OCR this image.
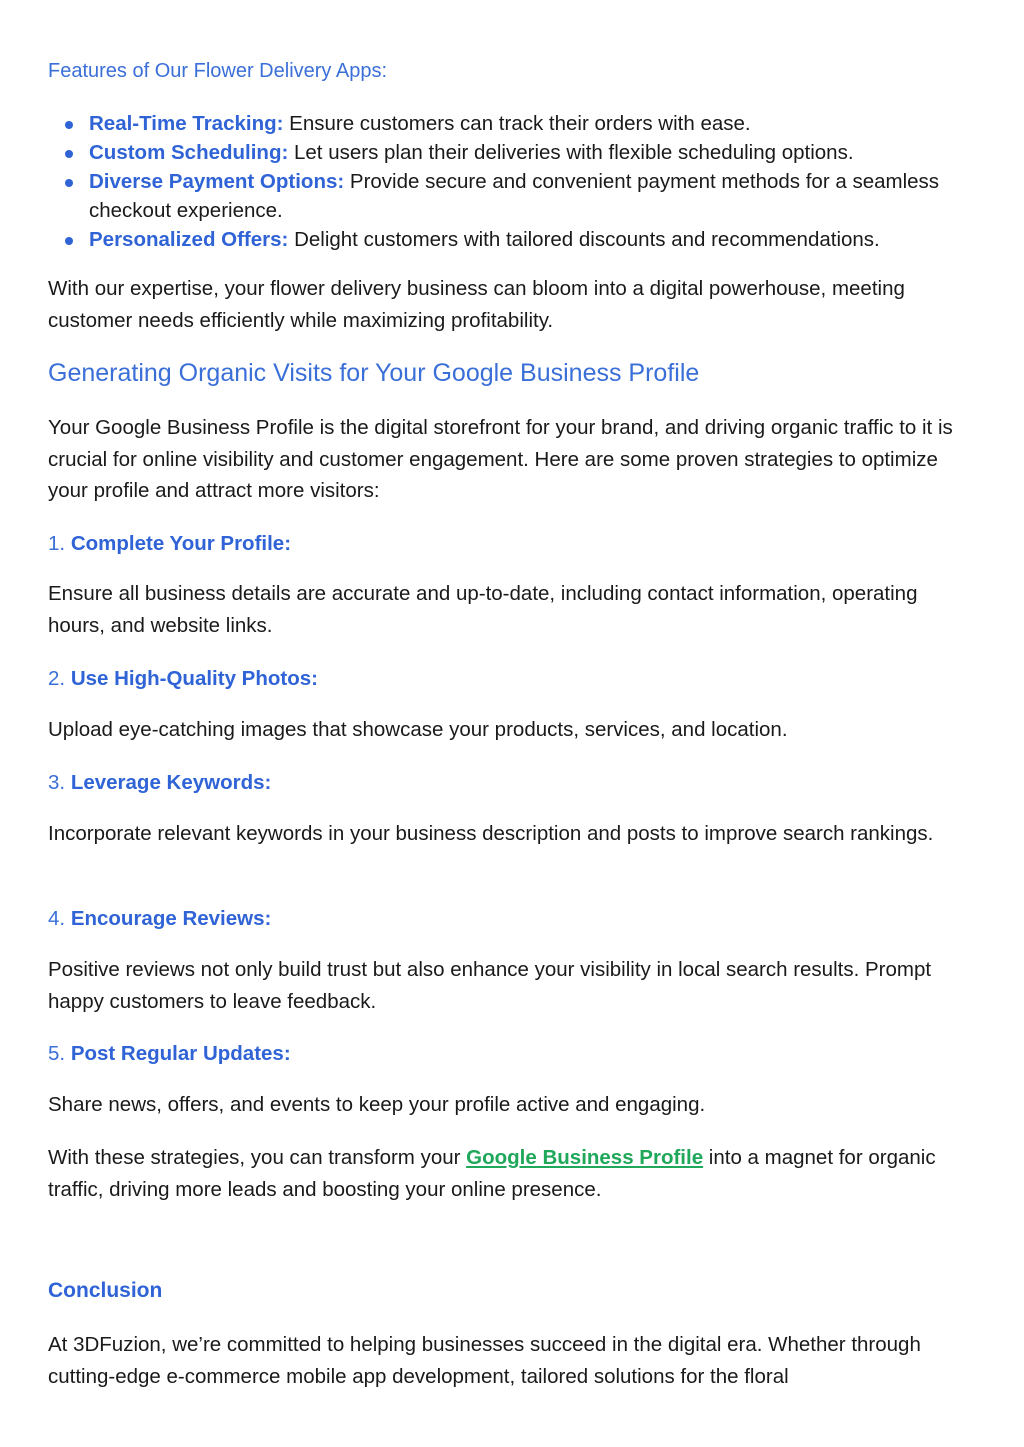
Features of Our Flower Delivery Apps:
Real-Time Tracking: Ensure customers can track their orders with ease.
Custom Scheduling: Let users plan their deliveries with flexible scheduling options.
Diverse Payment Options: Provide secure and convenient payment methods for a seamless checkout experience.
Personalized Offers: Delight customers with tailored discounts and recommendations.

With our expertise, your flower delivery business can bloom into a digital powerhouse, meeting customer needs efficiently while maximizing profitability.

Generating Organic Visits for Your Google Business Profile

Your Google Business Profile is the digital storefront for your brand, and driving organic traffic to it is crucial for online visibility and customer engagement. Here are some proven strategies to optimize your profile and attract more visitors:

1. Complete Your Profile:

Ensure all business details are accurate and up-to-date, including contact information, operating hours, and website links.

2. Use High-Quality Photos:

Upload eye-catching images that showcase your products, services, and location.

3. Leverage Keywords:

Incorporate relevant keywords in your business description and posts to improve search rankings.

4. Encourage Reviews:

Positive reviews not only build trust but also enhance your visibility in local search results. Prompt happy customers to leave feedback.

5. Post Regular Updates:

Share news, offers, and events to keep your profile active and engaging.

With these strategies, you can transform your Google Business Profile into a magnet for organic traffic, driving more leads and boosting your online presence.

Conclusion

At 3DFuzion, we’re committed to helping businesses succeed in the digital era. Whether through cutting-edge e-commerce mobile app development, tailored solutions for the floral
